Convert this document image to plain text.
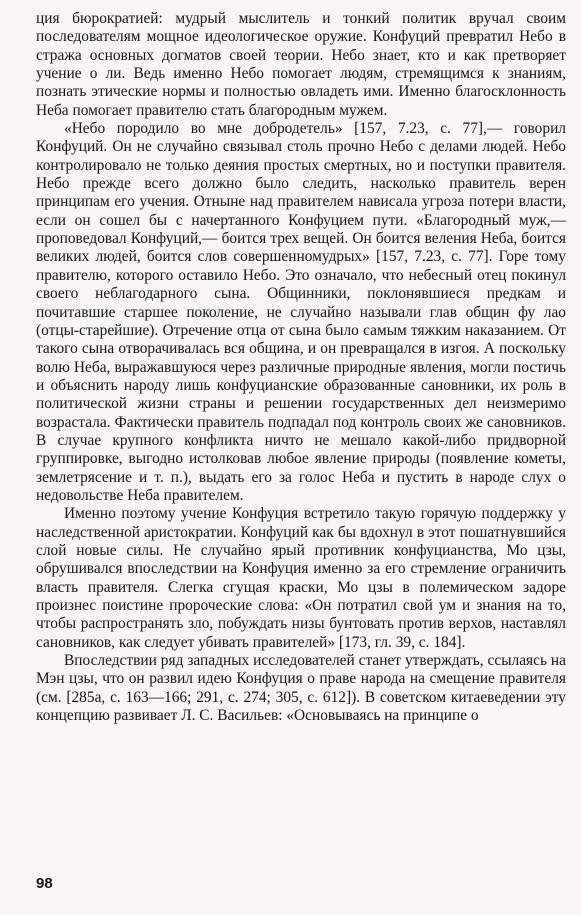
ция бюрократией: мудрый мыслитель и тонкий политик вручал своим последователям мощное идеологическое оружие. Конфуций превратил Небо в стража основных догматов своей теории. Небо знает, кто и как претворяет учение о ли. Ведь именно Небо помогает людям, стремящимся к знаниям, познать этические нормы и полностью овладеть ими. Именно благосклонность Неба помогает правителю стать благородным мужем.

«Небо породило во мне добродетель» [157, 7.23, с. 77],— говорил Конфуций. Он не случайно связывал столь прочно Небо с делами людей. Небо контролировало не только деяния простых смертных, но и поступки правителя. Небо прежде всего должно было следить, насколько правитель верен принципам его учения. Отныне над правителем нависала угроза потери власти, если он сошел бы с начертанного Конфуцием пути. «Благородный муж,— проповедовал Конфуций,— боится трех вещей. Он боится веления Неба, боится великих людей, боится слов совершенномудрых» [157, 7.23, с. 77]. Горе тому правителю, которого оставило Небо. Это означало, что небесный отец покинул своего неблагодарного сына. Общинники, поклонявшиеся предкам и почитавшие старшее поколение, не случайно называли глав общин фу лао (отцы-старейшие). Отречение отца от сына было самым тяжким наказанием. От такого сына отворачивалась вся община, и он превращался в изгоя. А поскольку волю Неба, выражавшуюся через различные природные явления, могли постичь и объяснить народу лишь конфуцианские образованные сановники, их роль в политической жизни страны и решении государственных дел неизмеримо возрастала. Фактически правитель подпадал под контроль своих же сановников. В случае крупного конфликта ничто не мешало какой-либо придворной группировке, выгодно истолковав любое явление природы (появление кометы, землетрясение и т. п.), выдать его за голос Неба и пустить в народе слух о недовольстве Неба правителем.

Именно поэтому учение Конфуция встретило такую горячую поддержку у наследственной аристократии. Конфуций как бы вдохнул в этот пошатнувшийся слой новые силы. Не случайно ярый противник конфуцианства, Мо цзы, обрушивался впоследствии на Конфуция именно за его стремление ограничить власть правителя. Слегка сгущая краски, Мо цзы в полемическом задоре произнес поистине пророческие слова: «Он потратил свой ум и знания на то, чтобы распространять зло, побуждать низы бунтовать против верхов, наставлял сановников, как следует убивать правителей» [173, гл. 39, с. 184].

Впоследствии ряд западных исследователей станет утверждать, ссылаясь на Мэн цзы, что он развил идею Конфуция о праве народа на смещение правителя (см. [285а, с. 163—166; 291, с. 274; 305, с. 612]). В советском китаеведении эту концепцию развивает Л. С. Васильев: «Основываясь на принципе о

98
